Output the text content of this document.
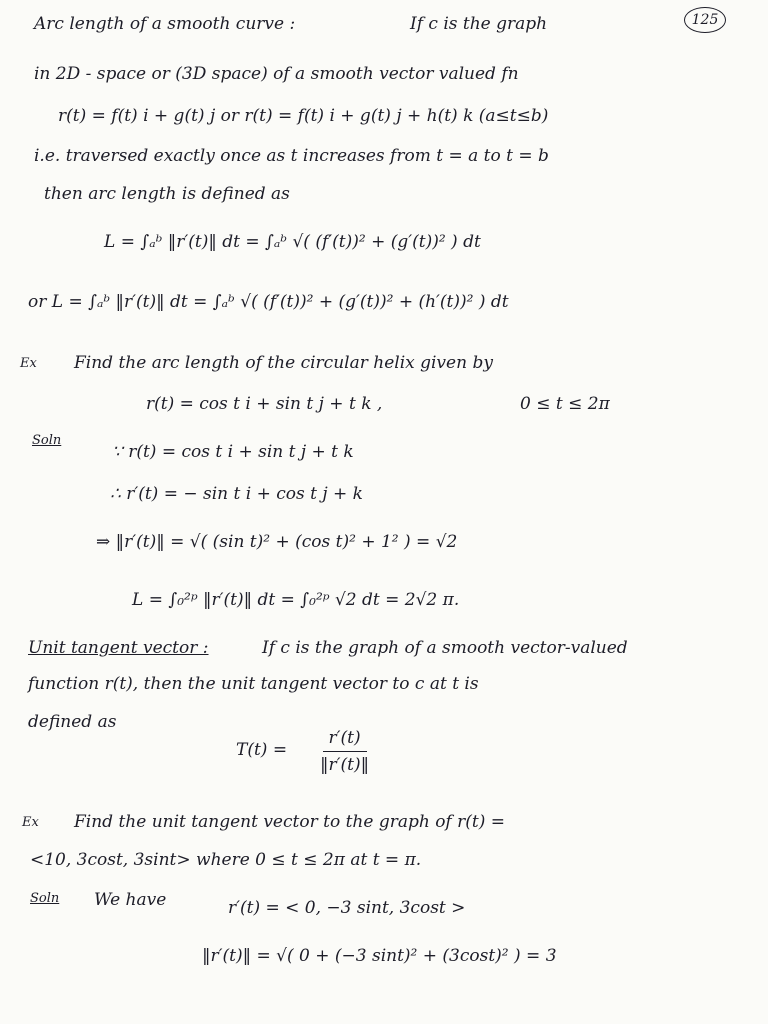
125
Arc length of a smooth curve :	If c is the graph
in 2D - space or (3D space) of a smooth vector valued fn
r(t) = f(t) i + g(t) j or r(t) = f(t) i + g(t) j + h(t) k (a≤t≤b)
i.e. traversed exactly once as t increases from t = a to t = b
then arc length is defined as
L = ∫ₐᵇ ‖r′(t)‖ dt = ∫ₐᵇ √( (f′(t))² + (g′(t))² ) dt
or L = ∫ₐᵇ ‖r′(t)‖ dt = ∫ₐᵇ √( (f′(t))² + (g′(t))² + (h′(t))² ) dt
Ex Find the arc length of the circular helix given by
r(t) = cos t i + sin t j + t k ,	0 ≤ t ≤ 2π
Soln
∵ r(t) = cos t i + sin t j + t k
∴ r′(t) = − sin t i + cos t j + k
⇒ ‖r′(t)‖ = √( (sin t)² + (cos t)² + 1² ) = √2
L = ∫₀²ᵖ ‖r′(t)‖ dt = ∫₀²ᵖ √2 dt = 2√2 π.
Unit tangent vector :	If c is the graph of a smooth vector-valued
function r(t), then the unit tangent vector to c at t is
defined as
$T(t) = \frac{r'(t)}{‖r'(t)‖}$
Ex Find the unit tangent vector to the graph of r(t) =
<10, 3cost, 3sint> where 0 ≤ t ≤ 2π at t = π.
Soln We have	r′(t) = < 0, −3 sint, 3cost >
‖r′(t)‖ = √( 0 + (−3 sint)² + (3cost)² ) = 3
